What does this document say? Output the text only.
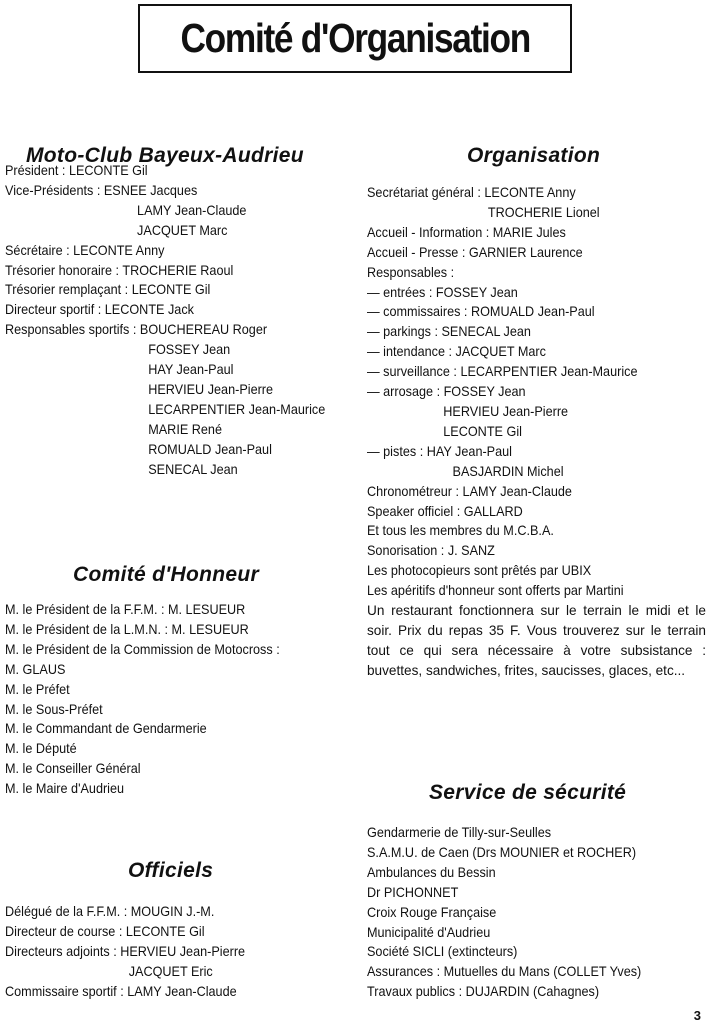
Comité d'Organisation
Moto-Club Bayeux-Audrieu
Président : LECONTE Gil
Vice-Présidents : ESNEE Jacques
LAMY Jean-Claude
JACQUET Marc
Sécrétaire : LECONTE Anny
Trésorier honoraire : TROCHERIE Raoul
Trésorier remplaçant : LECONTE Gil
Directeur sportif : LECONTE Jack
Responsables sportifs : BOUCHEREAU Roger
FOSSEY Jean
HAY Jean-Paul
HERVIEU Jean-Pierre
LECARPENTIER Jean-Maurice
MARIE René
ROMUALD Jean-Paul
SENECAL Jean
Comité d'Honneur
M. le Président de la F.F.M. : M. LESUEUR
M. le Président de la L.M.N. : M. LESUEUR
M. le Président de la Commission de Motocross :
M. GLAUS
M. le Préfet
M. le Sous-Préfet
M. le Commandant de Gendarmerie
M. le Député
M. le Conseiller Général
M. le Maire d'Audrieu
Officiels
Délégué de la F.F.M. : MOUGIN J.-M.
Directeur de course : LECONTE Gil
Directeurs adjoints : HERVIEU Jean-Pierre
JACQUET Eric
Commissaire sportif : LAMY Jean-Claude
Organisation
Secrétariat général : LECONTE Anny
TROCHERIE Lionel
Accueil - Information : MARIE Jules
Accueil - Presse : GARNIER Laurence
Responsables :
— entrées : FOSSEY Jean
— commissaires : ROMUALD Jean-Paul
— parkings : SENECAL Jean
— intendance : JACQUET Marc
— surveillance : LECARPENTIER Jean-Maurice
— arrosage : FOSSEY Jean
HERVIEU Jean-Pierre
LECONTE Gil
— pistes : HAY Jean-Paul
BASJARDIN Michel
Chronométreur : LAMY Jean-Claude
Speaker officiel : GALLARD
Et tous les membres du M.C.B.A.
Sonorisation : J. SANZ
Les photocopieurs sont prêtés par UBIX
Les apéritifs d'honneur sont offerts par Martini
Un restaurant fonctionnera sur le terrain le midi et le soir. Prix du repas 35 F. Vous trouverez sur le terrain tout ce qui sera nécessaire à votre subsistance : buvettes, sandwiches, frites, saucisses, glaces, etc...
Service de sécurité
Gendarmerie de Tilly-sur-Seulles
S.A.M.U. de Caen (Drs MOUNIER et ROCHER)
Ambulances du Bessin
Dr PICHONNET
Croix Rouge Française
Municipalité d'Audrieu
Société SICLI (extincteurs)
Assurances : Mutuelles du Mans (COLLET Yves)
Travaux publics : DUJARDIN (Cahagnes)
3
